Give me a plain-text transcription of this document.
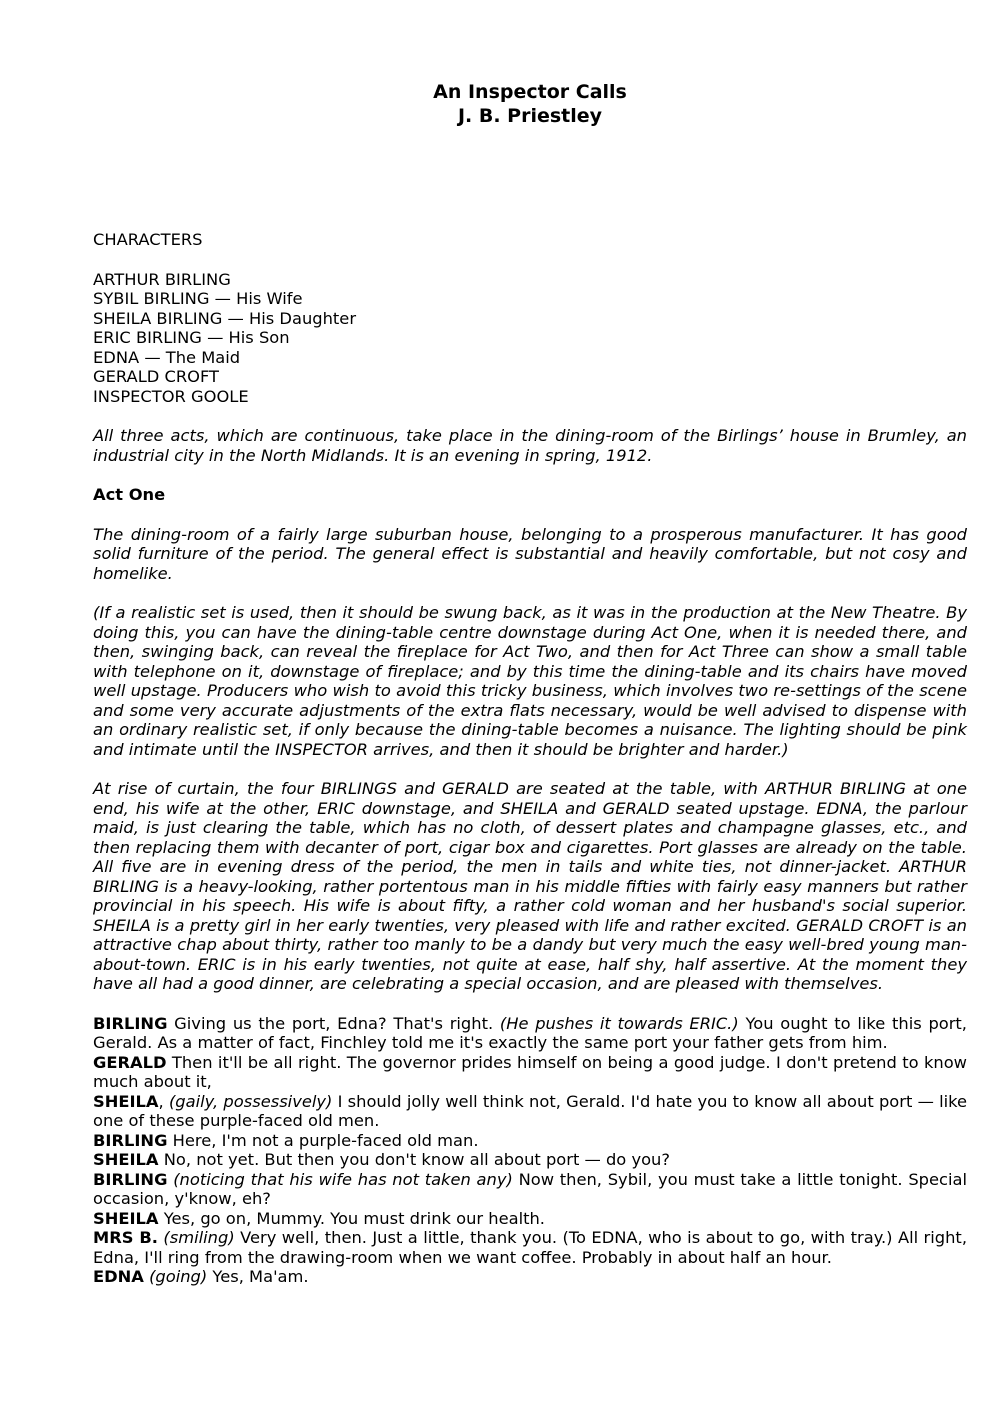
An Inspector Calls
J. B. Priestley

CHARACTERS

ARTHUR BIRLING
SYBIL BIRLING — His Wife
SHEILA BIRLING — His Daughter
ERIC BIRLING — His Son
EDNA — The Maid
GERALD CROFT
INSPECTOR GOOLE

All three acts, which are continuous, take place in the dining-room of the Birlings’ house in Brumley, an industrial city in the North Midlands. It is an evening in spring, 1912.

Act One

The dining-room of a fairly large suburban house, belonging to a prosperous manufacturer. It has good solid furniture of the period. The general effect is substantial and heavily comfortable, but not cosy and homelike.

(If a realistic set is used, then it should be swung back, as it was in the production at the New Theatre. By doing this, you can have the dining-table centre downstage during Act One, when it is needed there, and then, swinging back, can reveal the fireplace for Act Two, and then for Act Three can show a small table with telephone on it, downstage of fireplace; and by this time the dining-table and its chairs have moved well upstage. Producers who wish to avoid this tricky business, which involves two re-settings of the scene and some very accurate adjustments of the extra flats necessary, would be well advised to dispense with an ordinary realistic set, if only because the dining-table becomes a nuisance. The lighting should be pink and intimate until the INSPECTOR arrives, and then it should be brighter and harder.)

At rise of curtain, the four BIRLINGS and GERALD are seated at the table, with ARTHUR BIRLING at one end, his wife at the other, ERIC downstage, and SHEILA and GERALD seated upstage. EDNA, the parlour maid, is just clearing the table, which has no cloth, of dessert plates and champagne glasses, etc., and then replacing them with decanter of port, cigar box and cigarettes. Port glasses are already on the table. All five are in evening dress of the period, the men in tails and white ties, not dinner-jacket. ARTHUR BIRLING is a heavy-looking, rather portentous man in his middle fifties with fairly easy manners but rather provincial in his speech. His wife is about fifty, a rather cold woman and her husband's social superior. SHEILA is a pretty girl in her early twenties, very pleased with life and rather excited. GERALD CROFT is an attractive chap about thirty, rather too manly to be a dandy but very much the easy well-bred young man-about-town. ERIC is in his early twenties, not quite at ease, half shy, half assertive. At the moment they have all had a good dinner, are celebrating a special occasion, and are pleased with themselves.

BIRLING Giving us the port, Edna? That's right. (He pushes it towards ERIC.) You ought to like this port, Gerald. As a matter of fact, Finchley told me it's exactly the same port your father gets from him.

GERALD Then it'll be all right. The governor prides himself on being a good judge. I don't pretend to know much about it,

SHEILA, (gaily, possessively) I should jolly well think not, Gerald. I'd hate you to know all about port — like one of these purple-faced old men.

BIRLING Here, I'm not a purple-faced old man.

SHEILA No, not yet. But then you don't know all about port — do you?

BIRLING (noticing that his wife has not taken any) Now then, Sybil, you must take a little tonight. Special occasion, y'know, eh?

SHEILA Yes, go on, Mummy. You must drink our health.

MRS B. (smiling) Very well, then. Just a little, thank you. (To EDNA, who is about to go, with tray.) All right, Edna, I'll ring from the drawing-room when we want coffee. Probably in about half an hour.

EDNA (going) Yes, Ma'am.
